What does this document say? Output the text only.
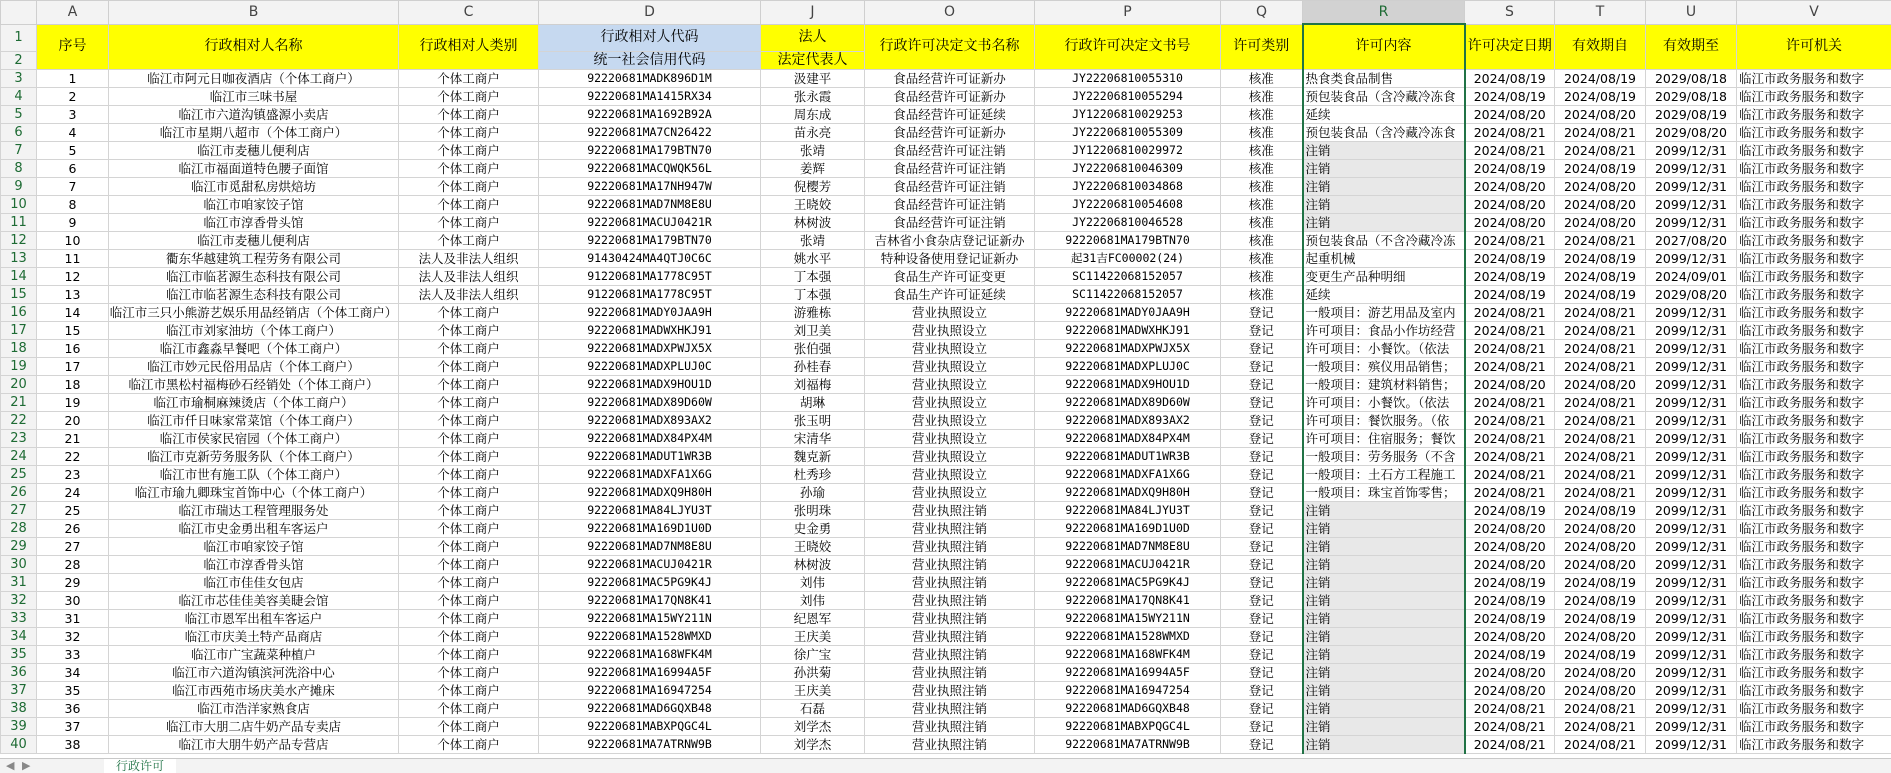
	A	B	C	D	J	O	P	Q	R	S	T	U	V
1	序号	行政相对人名称	行政相对人类别	行政相对人代码	法人	行政许可决定文书名称	行政许可决定文书号	许可类别	许可内容	许可决定日期	有效期自	有效期至	许可机关
2				统一社会信用代码	法定代表人								
3	1	临江市阿元日咖夜酒店（个体工商户）	个体工商户	92220681MADK896D1M	汲建平	食品经营许可证新办	JY22206810055310	核准	热食类食品制售	2024/08/19	2024/08/19	2029/08/18	临江市政务服务和数字
4	2	临江市三味书屋	个体工商户	92220681MA1415RX34	张永霞	食品经营许可证新办	JY22206810055294	核准	预包装食品（含冷藏冷冻食	2024/08/19	2024/08/19	2029/08/18	临江市政务服务和数字
5	3	临江市六道沟镇盛源小卖店	个体工商户	92220681MA1692B92A	周东成	食品经营许可证延续	JY12206810029253	核准	延续	2024/08/20	2024/08/20	2029/08/19	临江市政务服务和数字
6	4	临江市星期八超市（个体工商户）	个体工商户	92220681MA7CN26422	苗永亮	食品经营许可证新办	JY22206810055309	核准	预包装食品（含冷藏冷冻食	2024/08/21	2024/08/21	2029/08/20	临江市政务服务和数字
7	5	临江市麦穗儿便利店	个体工商户	92220681MA179BTN70	张靖	食品经营许可证注销	JY12206810029972	核准	注销	2024/08/21	2024/08/21	2099/12/31	临江市政务服务和数字
8	6	临江市福面道特色腰子面馆	个体工商户	92220681MACQWQK56L	姜辉	食品经营许可证注销	JY22206810046309	核准	注销	2024/08/19	2024/08/19	2099/12/31	临江市政务服务和数字
9	7	临江市觅甜私房烘焙坊	个体工商户	92220681MA17NH947W	倪樱芳	食品经营许可证注销	JY22206810034868	核准	注销	2024/08/20	2024/08/20	2099/12/31	临江市政务服务和数字
10	8	临江市咱家饺子馆	个体工商户	92220681MAD7NM8E8U	王晓姣	食品经营许可证注销	JY22206810054608	核准	注销	2024/08/20	2024/08/20	2099/12/31	临江市政务服务和数字
11	9	临江市淳香骨头馆	个体工商户	92220681MACUJ0421R	林树波	食品经营许可证注销	JY22206810046528	核准	注销	2024/08/20	2024/08/20	2099/12/31	临江市政务服务和数字
12	10	临江市麦穗儿便利店	个体工商户	92220681MA179BTN70	张靖	吉林省小食杂店登记证新办	92220681MA179BTN70	核准	预包装食品（不含冷藏冷冻	2024/08/21	2024/08/21	2027/08/20	临江市政务服务和数字
13	11	衢东华越建筑工程劳务有限公司	法人及非法人组织	91430424MA4QTJ0C6C	姚水平	特种设备使用登记证新办	起31吉FC00002(24)	核准	起重机械	2024/08/19	2024/08/19	2099/12/31	临江市政务服务和数字
14	12	临江市临茗源生态科技有限公司	法人及非法人组织	91220681MA1778C95T	丁本强	食品生产许可证变更	SC11422068152057	核准	变更生产品种明细	2024/08/19	2024/08/19	2024/09/01	临江市政务服务和数字
15	13	临江市临茗源生态科技有限公司	法人及非法人组织	91220681MA1778C95T	丁本强	食品生产许可证延续	SC11422068152057	核准	延续	2024/08/19	2024/08/19	2029/08/20	临江市政务服务和数字
16	14	临江市三只小熊游艺娱乐用品经销店（个体工商户）	个体工商户	92220681MADY0JAA9H	游雅栋	营业执照设立	92220681MADY0JAA9H	登记	一般项目：游艺用品及室内	2024/08/21	2024/08/21	2099/12/31	临江市政务服务和数字
17	15	临江市刘家油坊（个体工商户）	个体工商户	92220681MADWXHKJ91	刘卫美	营业执照设立	92220681MADWXHKJ91	登记	许可项目：食品小作坊经营	2024/08/21	2024/08/21	2099/12/31	临江市政务服务和数字
18	16	临江市鑫淼早餐吧（个体工商户）	个体工商户	92220681MADXPWJX5X	张伯强	营业执照设立	92220681MADXPWJX5X	登记	许可项目：小餐饮。（依法	2024/08/21	2024/08/21	2099/12/31	临江市政务服务和数字
19	17	临江市妙元民俗用品店（个体工商户）	个体工商户	92220681MADXPLUJ0C	孙桂春	营业执照设立	92220681MADXPLUJ0C	登记	一般项目：殡仪用品销售；	2024/08/21	2024/08/21	2099/12/31	临江市政务服务和数字
20	18	临江市黑松村福梅砂石经销处（个体工商户）	个体工商户	92220681MADX9HOU1D	刘福梅	营业执照设立	92220681MADX9HOU1D	登记	一般项目：建筑材料销售；	2024/08/20	2024/08/20	2099/12/31	临江市政务服务和数字
21	19	临江市瑜桐麻辣烫店（个体工商户）	个体工商户	92220681MADX89D60W	胡琳	营业执照设立	92220681MADX89D60W	登记	许可项目：小餐饮。（依法	2024/08/21	2024/08/21	2099/12/31	临江市政务服务和数字
22	20	临江市仟日味家常菜馆（个体工商户）	个体工商户	92220681MADX893AX2	张玉明	营业执照设立	92220681MADX893AX2	登记	许可项目：餐饮服务。（依	2024/08/21	2024/08/21	2099/12/31	临江市政务服务和数字
23	21	临江市侯家民宿园（个体工商户）	个体工商户	92220681MADX84PX4M	宋清华	营业执照设立	92220681MADX84PX4M	登记	许可项目：住宿服务；餐饮	2024/08/21	2024/08/21	2099/12/31	临江市政务服务和数字
24	22	临江市克新劳务服务队（个体工商户）	个体工商户	92220681MADUT1WR3B	魏克新	营业执照设立	92220681MADUT1WR3B	登记	一般项目：劳务服务（不含	2024/08/21	2024/08/21	2099/12/31	临江市政务服务和数字
25	23	临江市世有施工队（个体工商户）	个体工商户	92220681MADXFA1X6G	杜秀珍	营业执照设立	92220681MADXFA1X6G	登记	一般项目：土石方工程施工	2024/08/21	2024/08/21	2099/12/31	临江市政务服务和数字
26	24	临江市瑜九卿珠宝首饰中心（个体工商户）	个体工商户	92220681MADXQ9H80H	孙瑜	营业执照设立	92220681MADXQ9H80H	登记	一般项目：珠宝首饰零售；	2024/08/21	2024/08/21	2099/12/31	临江市政务服务和数字
27	25	临江市瑞达工程管理服务处	个体工商户	92220681MA84LJYU3T	张明珠	营业执照注销	92220681MA84LJYU3T	登记	注销	2024/08/19	2024/08/19	2099/12/31	临江市政务服务和数字
28	26	临江市史金勇出租车客运户	个体工商户	92220681MA169D1U0D	史金勇	营业执照注销	92220681MA169D1U0D	登记	注销	2024/08/20	2024/08/20	2099/12/31	临江市政务服务和数字
29	27	临江市咱家饺子馆	个体工商户	92220681MAD7NM8E8U	王晓姣	营业执照注销	92220681MAD7NM8E8U	登记	注销	2024/08/20	2024/08/20	2099/12/31	临江市政务服务和数字
30	28	临江市淳香骨头馆	个体工商户	92220681MACUJ0421R	林树波	营业执照注销	92220681MACUJ0421R	登记	注销	2024/08/20	2024/08/20	2099/12/31	临江市政务服务和数字
31	29	临江市佳佳女包店	个体工商户	92220681MAC5PG9K4J	刘伟	营业执照注销	92220681MAC5PG9K4J	登记	注销	2024/08/19	2024/08/19	2099/12/31	临江市政务服务和数字
32	30	临江市芯佳佳美容美睫会馆	个体工商户	92220681MA17QN8K41	刘伟	营业执照注销	92220681MA17QN8K41	登记	注销	2024/08/19	2024/08/19	2099/12/31	临江市政务服务和数字
33	31	临江市恩军出租车客运户	个体工商户	92220681MA15WY211N	纪恩军	营业执照注销	92220681MA15WY211N	登记	注销	2024/08/19	2024/08/19	2099/12/31	临江市政务服务和数字
34	32	临江市庆美土特产品商店	个体工商户	92220681MA1528WMXD	王庆美	营业执照注销	92220681MA1528WMXD	登记	注销	2024/08/20	2024/08/20	2099/12/31	临江市政务服务和数字
35	33	临江市广宝蔬菜种植户	个体工商户	92220681MA168WFK4M	徐广宝	营业执照注销	92220681MA168WFK4M	登记	注销	2024/08/19	2024/08/19	2099/12/31	临江市政务服务和数字
36	34	临江市六道沟镇滨河洗浴中心	个体工商户	92220681MA16994A5F	孙洪菊	营业执照注销	92220681MA16994A5F	登记	注销	2024/08/20	2024/08/20	2099/12/31	临江市政务服务和数字
37	35	临江市西苑市场庆美水产摊床	个体工商户	92220681MA16947254	王庆美	营业执照注销	92220681MA16947254	登记	注销	2024/08/20	2024/08/20	2099/12/31	临江市政务服务和数字
38	36	临江市浩洋家熟食店	个体工商户	92220681MAD6GQXB48	石磊	营业执照注销	92220681MAD6GQXB48	登记	注销	2024/08/21	2024/08/21	2099/12/31	临江市政务服务和数字
39	37	临江市大朋二店牛奶产品专卖店	个体工商户	92220681MABXPQGC4L	刘学杰	营业执照注销	92220681MABXPQGC4L	登记	注销	2024/08/21	2024/08/21	2099/12/31	临江市政务服务和数字
40	38	临江市大朋牛奶产品专营店	个体工商户	92220681MA7ATRNW9B	刘学杰	营业执照注销	92220681MA7ATRNW9B	登记	注销	2024/08/21	2024/08/21	2099/12/31	临江市政务服务和数字
◀ ▶	行政许可
